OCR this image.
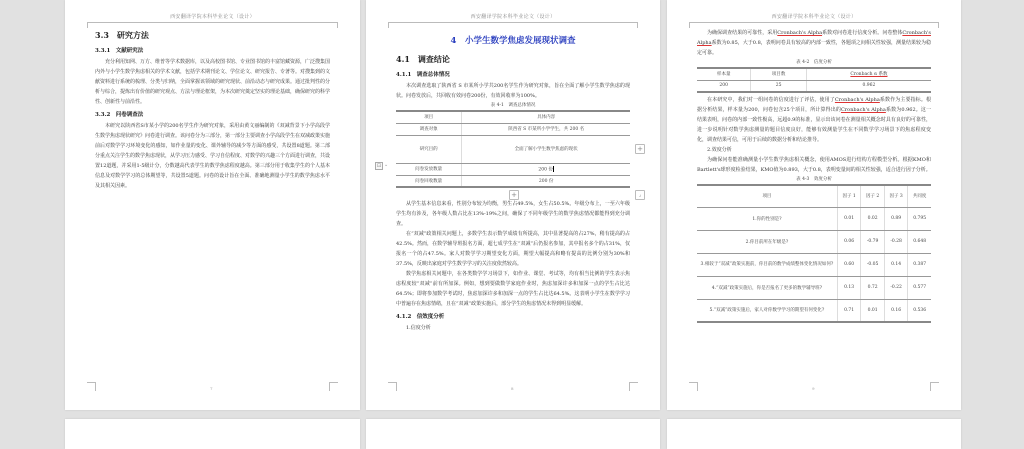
西安翻译学院本科毕业论文（设计）
3.3　研究方法
3.3.1　文献研究法

充分利用知网、万方、维普等学术数据库，以及高校图书馆、专业图书馆的丰富馆藏资源，广泛搜集国内外与小学生数学焦虑相关的学术文献，包括学术期刊论文、学位论文、研究报告、专著等。对搜集到的文献资料进行系统的梳理、分类与归纳，全面掌握该领域的研究现状、前沿动态与研究成果。通过批判性的分析与综合，提炼出有价值的研究观点、方法与理论框架，为本次研究奠定坚实的理论基础，确保研究的科学性、创新性与前沿性。

3.3.2　问卷调查法

本研究以陕西省S市某小学的200名学生作为研究对象，采用由黄文丽编制的《双减背景下小学高段学生数学焦虑现状研究》问卷进行调查。该问卷分为三部分，第一部分主要调查小学高段学生在双减政策实施前后对数学学习环境变化的感知，如作业量的变化、课外辅导的减少等方面的感受，共设置8道题。第二部分重点关注学生的数学焦虑现状，从学习压力感受、学习自信程度、对数学的兴趣三个方面进行调查，共设置12道题，并采用1-5级计分，分数越高代表学生的数学焦虑程度越高。第三部分用于收集学生的个人基本信息及对数学学习的总体期望等，共设置5道题。问卷的设计旨在全面、准确地测量小学生的数学焦虑水平及其相关因素。

7
西安翻译学院本科毕业论文（设计）
4　小学生数学焦虑发展现状调查
4.1　调查结论
4.1.1　调查总体情况

本次调查选取了陕西省 S 市某所小学共200名学生作为研究对象，旨在全面了解小学生数学焦虑的现状。问卷发放后，共回收有效问卷200份，有效回收率为100%。

表 4-1　调查总体情况
⊡ ⌄
项目	具体内容
调查对象	陕西省 S 市某所小学学生，共 200 名
研究目的	全面了解小学生数学焦虑的现状
问卷发放数量	200 份
问卷回收数量	200 份
+
⌟
+

从学生基本信息来看，性别分布较为均衡，男生占49.5%，女生占50.5%。年级分布上，一至六年级学生均有涉及，各年级人数占比在13%-19%之间，确保了不同年级学生的数学焦虑情况都能得到充分调查。

在“双减”政策相关问题上，多数学生表示数学成绩有所提高，其中显著提高的占27%，稍有提高的占42.5%。然而，在数学辅导班报名方面，超七成学生在“双减”后仍报名参加，其中报名多个的占31%，仅报名一个的占47.5%。家人对数学学习期望变化方面，期望大幅提高和略有提高的比例分别为30%和37.5%，反映出家庭对学生数学学习的关注度依然较高。

数学焦虑相关问题中，在各类数学学习场景下，如作业、课堂、考试等，均有相当比例的学生表示焦虑程度较“双减”前有所加深。例如，想到要做数学家庭作业时，焦虑加深许多和加深一点的学生占比达64.5%；即将参加数学考试时，焦虑加深许多和加深一点的学生占比达64.5%。这表明小学生在数学学习中普遍存在焦虑情绪，且在“双减”政策实施后，部分学生的焦虑情况未得到明显缓解。

4.1.2　信效度分析

1.信度分析

8
西安翻译学院本科毕业论文（设计）

为确保调查结果的可靠性，采用Cronbach's Alpha系数对问卷进行信度分析。问卷整体Cronbach's Alpha系数为0.85，大于0.8，表明问卷具有较高的内部一致性，各题项之间相关性较强，测量结果较为稳定可靠。

表 4-2　信度分析
样本量	项目数	Cronbach α 系数
200	25	0.962

在本研究中，我们对一组问卷的信度进行了评估，使用了Cronbach's Alpha系数作为主要指标。根据分析结果，样本量为200，问卷包含25个项目，所计算得出的Cronbach's Alpha系数为0.962。这一结果表明，问卷的内部一致性极高，远超0.9的标准，显示出该问卷在测量相关概念时具有良好的可靠性，进一步说明针对数学焦虑测量的题目信度良好，能够有效测量学生在不同数学学习场景下的焦虑程度变化，调查结果可信，可用于后续的数据分析和结论推导。

2.效度分析

为确保问卷能准确测量小学生数学焦虑相关概念，使用AMOS进行结构方程模型分析。根据KMO和Bartlett's球形度检验结果，KMO值为0.893，大于0.8，表明变量间的相关性较强，适合进行因子分析。

表 4-3　效度分析
项目	因子 1	因子 2	因子 3	共同度
1.你的性别是?	0.01	0.02	0.89	0.795
2.你目前所在年级是?	0.06	-0.79	-0.28	0.648
3.相较于“双减”政策实施前，你目前的数学成绩整体变化情况如何?	0.60	-0.05	0.14	0.387
4.“双减”政策实施后，你是否报名了更多的数学辅导班?	0.13	0.72	-0.22	0.577
5.“双减”政策实施后，家人对你数学学习的期望有何变化?	0.71	0.01	0.16	0.536
9
